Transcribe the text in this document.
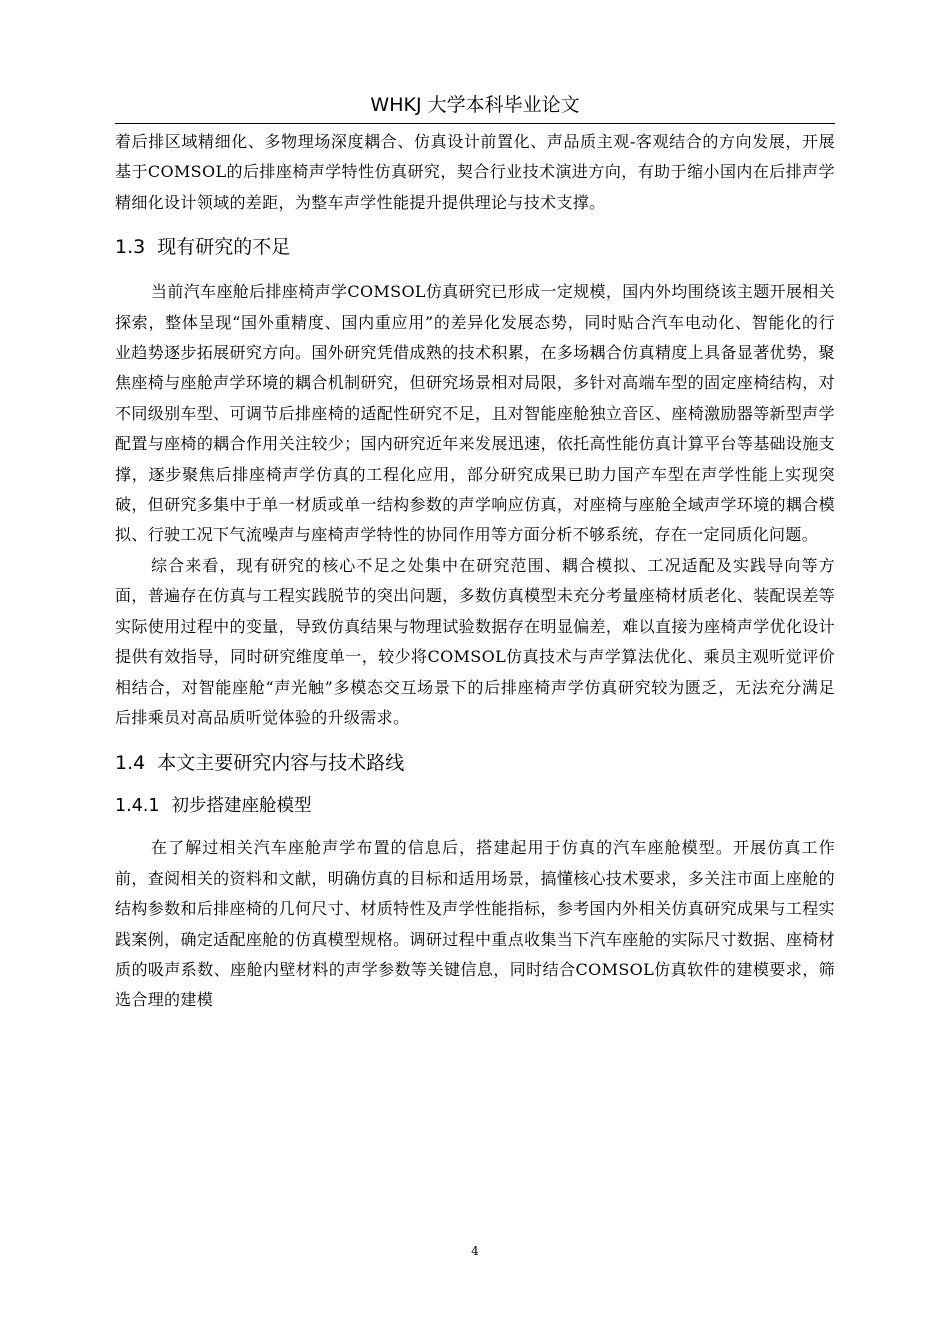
WHKJ 大学本科毕业论文

着后排区域精细化、多物理场深度耦合、仿真设计前置化、声品质主观-客观结合的方向发展，开展基于COMSOL的后排座椅声学特性仿真研究，契合行业技术演进方向，有助于缩小国内在后排声学精细化设计领域的差距，为整车声学性能提升提供理论与技术支撑。

1.3 现有研究的不足

当前汽车座舱后排座椅声学COMSOL仿真研究已形成一定规模，国内外均围绕该主题开展相关探索，整体呈现“国外重精度、国内重应用”的差异化发展态势，同时贴合汽车电动化、智能化的行业趋势逐步拓展研究方向。国外研究凭借成熟的技术积累，在多场耦合仿真精度上具备显著优势，聚焦座椅与座舱声学环境的耦合机制研究，但研究场景相对局限，多针对高端车型的固定座椅结构，对不同级别车型、可调节后排座椅的适配性研究不足，且对智能座舱独立音区、座椅激励器等新型声学配置与座椅的耦合作用关注较少；国内研究近年来发展迅速，依托高性能仿真计算平台等基础设施支撑，逐步聚焦后排座椅声学仿真的工程化应用，部分研究成果已助力国产车型在声学性能上实现突破，但研究多集中于单一材质或单一结构参数的声学响应仿真，对座椅与座舱全域声学环境的耦合模拟、行驶工况下气流噪声与座椅声学特性的协同作用等方面分析不够系统，存在一定同质化问题。

综合来看，现有研究的核心不足之处集中在研究范围、耦合模拟、工况适配及实践导向等方面，普遍存在仿真与工程实践脱节的突出问题，多数仿真模型未充分考量座椅材质老化、装配误差等实际使用过程中的变量，导致仿真结果与物理试验数据存在明显偏差，难以直接为座椅声学优化设计提供有效指导，同时研究维度单一，较少将COMSOL仿真技术与声学算法优化、乘员主观听觉评价相结合，对智能座舱“声光触”多模态交互场景下的后排座椅声学仿真研究较为匮乏，无法充分满足后排乘员对高品质听觉体验的升级需求。

1.4 本文主要研究内容与技术路线
1.4.1 初步搭建座舱模型

在了解过相关汽车座舱声学布置的信息后，搭建起用于仿真的汽车座舱模型。开展仿真工作前，查阅相关的资料和文献，明确仿真的目标和适用场景，搞懂核心技术要求，多关注市面上座舱的结构参数和后排座椅的几何尺寸、材质特性及声学性能指标，参考国内外相关仿真研究成果与工程实践案例，确定适配座舱的仿真模型规格。调研过程中重点收集当下汽车座舱的实际尺寸数据、座椅材质的吸声系数、座舱内壁材料的声学参数等关键信息，同时结合COMSOL仿真软件的建模要求，筛选合理的建模

4
